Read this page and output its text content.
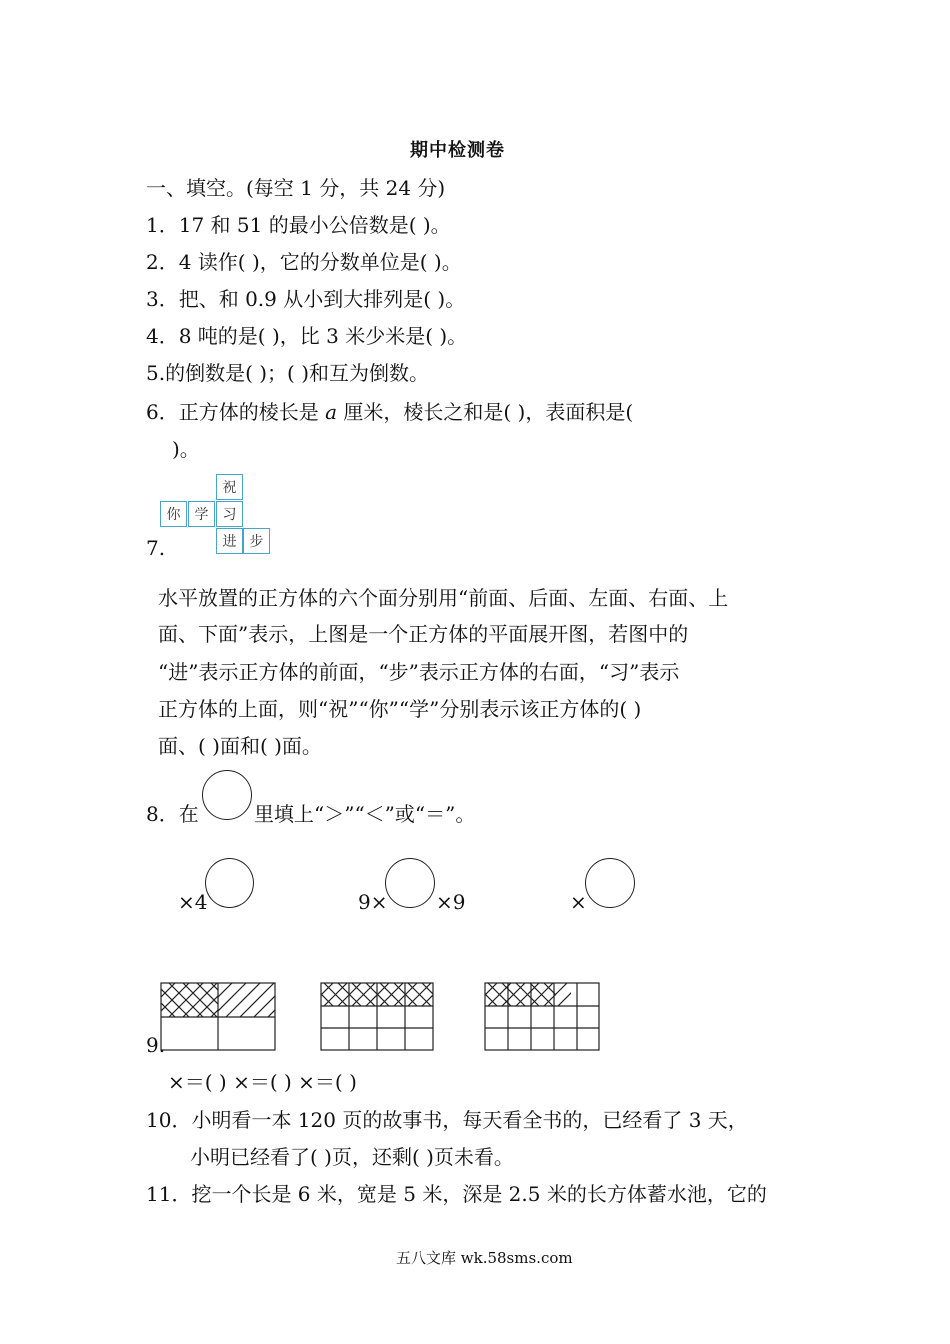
期中检测卷
一、填空。(每空 1 分，共 24 分)
1．17 和 51 的最小公倍数是( )。
2．4 读作( )，它的分数单位是( )。
3．把、和 0.9 从小到大排列是( )。
4．8 吨的是( )，比 3 米少米是( )。
5.的倒数是( )；( )和互为倒数。
6．正方体的棱长是 a 厘米，棱长之和是( )，表面积是(
)。
祝
你	学	习
进 步
7.
水平放置的正方体的六个面分别用“前面、后面、左面、右面、上
面、下面”表示，上图是一个正方体的平面展开图，若图中的
“进”表示正方体的前面，“步”表示正方体的右面，“习”表示
正方体的上面，则“祝”“你”“学”分别表示该正方体的( )
面、( )面和( )面。
8．在	里填上“＞”“＜”或“＝”。
×4	9× ×9	×
9.
×＝( ) ×＝( ) ×＝( )
10．小明看一本 120 页的故事书，每天看全书的，已经看了 3 天，
小明已经看了( )页，还剩( )页未看。
11．挖一个长是 6 米，宽是 5 米，深是 2.5 米的长方体蓄水池，它的
五八文库 wk.58sms.com
